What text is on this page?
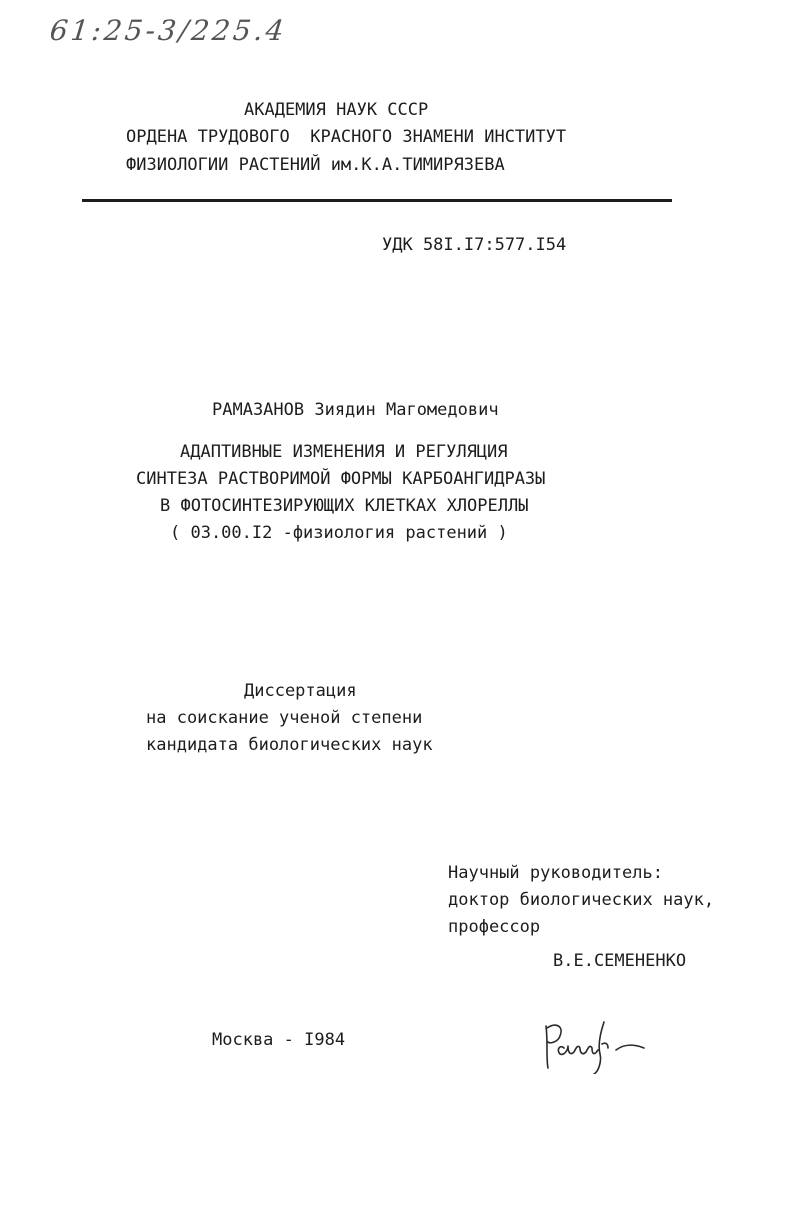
61:25-3/225.4
АКАДЕМИЯ НАУК СССР
ОРДЕНА ТРУДОВОГО  КРАСНОГО ЗНАМЕНИ ИНСТИТУТ
ФИЗИОЛОГИИ РАСТЕНИЙ им.К.А.ТИМИРЯЗЕВА
УДК 58I.I7:577.I54
РАМАЗАНОВ Зиядин Магомедович
АДАПТИВНЫЕ ИЗМЕНЕНИЯ И РЕГУЛЯЦИЯ
СИНТЕЗА РАСТВОРИМОЙ ФОРМЫ КАРБОАНГИДРАЗЫ
В ФОТОСИНТЕЗИРУЮЩИХ КЛЕТКАХ ХЛОРЕЛЛЫ
( 03.00.I2 -физиология растений )
Диссертация
на соискание ученой степени
кандидата биологических наук
Научный руководитель:
доктор биологических наук,
профессор
В.Е.СЕМЕНЕНКО
Москва - I984
